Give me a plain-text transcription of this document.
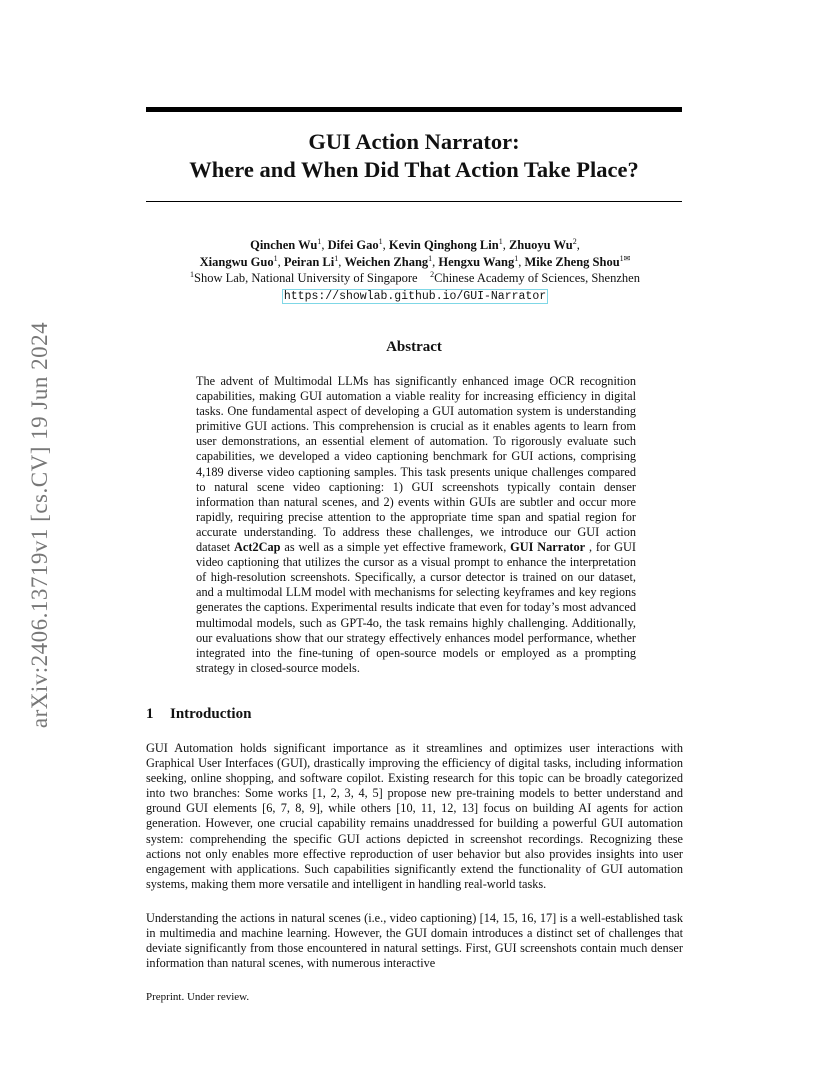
arXiv:2406.13719v1 [cs.CV] 19 Jun 2024
GUI Action Narrator:
Where and When Did That Action Take Place?
Qinchen Wu$^1$, Difei Gao$^1$, Kevin Qinghong Lin$^1$, Zhuoyu Wu$^2$,
Xiangwu Guo$^1$, Peiran Li$^1$, Weichen Zhang$^1$, Hengxu Wang$^1$, Mike Zheng Shou$^{1✉}$
$^1$Show Lab, National University of Singapore $^2$Chinese Academy of Sciences, Shenzhen
https://showlab.github.io/GUI-Narrator
Abstract

The advent of Multimodal LLMs has significantly enhanced image OCR recognition capabilities, making GUI automation a viable reality for increasing efficiency in digital tasks. One fundamental aspect of developing a GUI automation system is understanding primitive GUI actions. This comprehension is crucial as it enables agents to learn from user demonstrations, an essential element of automation. To rigorously evaluate such capabilities, we developed a video captioning benchmark for GUI actions, comprising 4,189 diverse video captioning samples. This task presents unique challenges compared to natural scene video captioning: 1) GUI screenshots typically contain denser information than natural scenes, and 2) events within GUIs are subtler and occur more rapidly, requiring precise attention to the appropriate time span and spatial region for accurate understanding. To address these challenges, we introduce our GUI action dataset Act2Cap as well as a simple yet effective framework, GUI Narrator , for GUI video captioning that utilizes the cursor as a visual prompt to enhance the interpretation of high-resolution screenshots. Specifically, a cursor detector is trained on our dataset, and a multimodal LLM model with mechanisms for selecting keyframes and key regions generates the captions. Experimental results indicate that even for today’s most advanced multimodal models, such as GPT-4o, the task remains highly challenging. Additionally, our evaluations show that our strategy effectively enhances model performance, whether integrated into the fine-tuning of open-source models or employed as a prompting strategy in closed-source models.

1 Introduction

GUI Automation holds significant importance as it streamlines and optimizes user interactions with Graphical User Interfaces (GUI), drastically improving the efficiency of digital tasks, including information seeking, online shopping, and software copilot. Existing research for this topic can be broadly categorized into two branches: Some works [1, 2, 3, 4, 5] propose new pre-training models to better understand and ground GUI elements [6, 7, 8, 9], while others [10, 11, 12, 13] focus on building AI agents for action generation. However, one crucial capability remains unaddressed for building a powerful GUI automation system: comprehending the specific GUI actions depicted in screenshot recordings. Recognizing these actions not only enables more effective reproduction of user behavior but also provides insights into user engagement with applications. Such capabilities significantly extend the functionality of GUI automation systems, making them more versatile and intelligent in handling real-world tasks.

Understanding the actions in natural scenes (i.e., video captioning) [14, 15, 16, 17] is a well-established task in multimedia and machine learning. However, the GUI domain introduces a distinct set of challenges that deviate significantly from those encountered in natural settings. First, GUI screenshots contain much denser information than natural scenes, with numerous interactive

Preprint. Under review.
